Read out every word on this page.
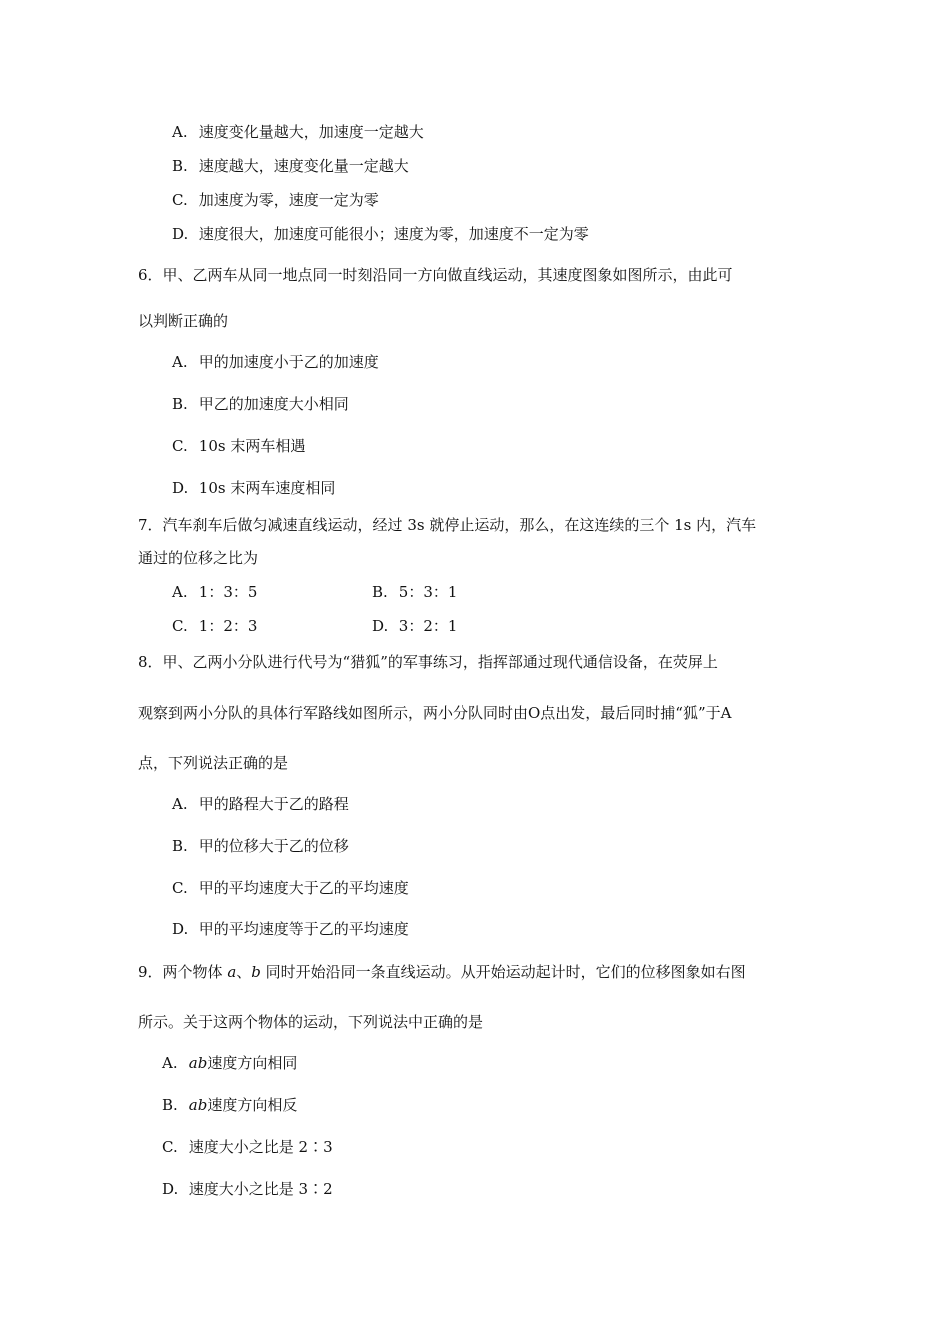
A. 速度变化量越大，加速度一定越大
B. 速度越大，速度变化量一定越大
C. 加速度为零，速度一定为零
D. 速度很大，加速度可能很小；速度为零，加速度不一定为零
6．甲、乙两车从同一地点同一时刻沿同一方向做直线运动，其速度图象如图所示，由此可
以判断正确的
A. 甲的加速度小于乙的加速度
B. 甲乙的加速度大小相同
C. 10s 末两车相遇
D. 10s 末两车速度相同
7．汽车刹车后做匀减速直线运动，经过 3s 就停止运动，那么，在这连续的三个 1s 内，汽车
通过的位移之比为
A. 1：3：5	B. 5：3：1
C. 1：2：3	D. 3：2：1
8．甲、乙两小分队进行代号为“猎狐”的军事练习，指挥部通过现代通信设备，在荧屏上
观察到两小分队的具体行军路线如图所示，两小分队同时由O点出发，最后同时捕“狐”于A
点，下列说法正确的是
A. 甲的路程大于乙的路程
B. 甲的位移大于乙的位移
C. 甲的平均速度大于乙的平均速度
D. 甲的平均速度等于乙的平均速度
9．两个物体 a、b 同时开始沿同一条直线运动。从开始运动起计时，它们的位移图象如右图
所示。关于这两个物体的运动，下列说法中正确的是
A. ab速度方向相同
B. ab速度方向相反
C. 速度大小之比是 2∶3
D. 速度大小之比是 3∶2
